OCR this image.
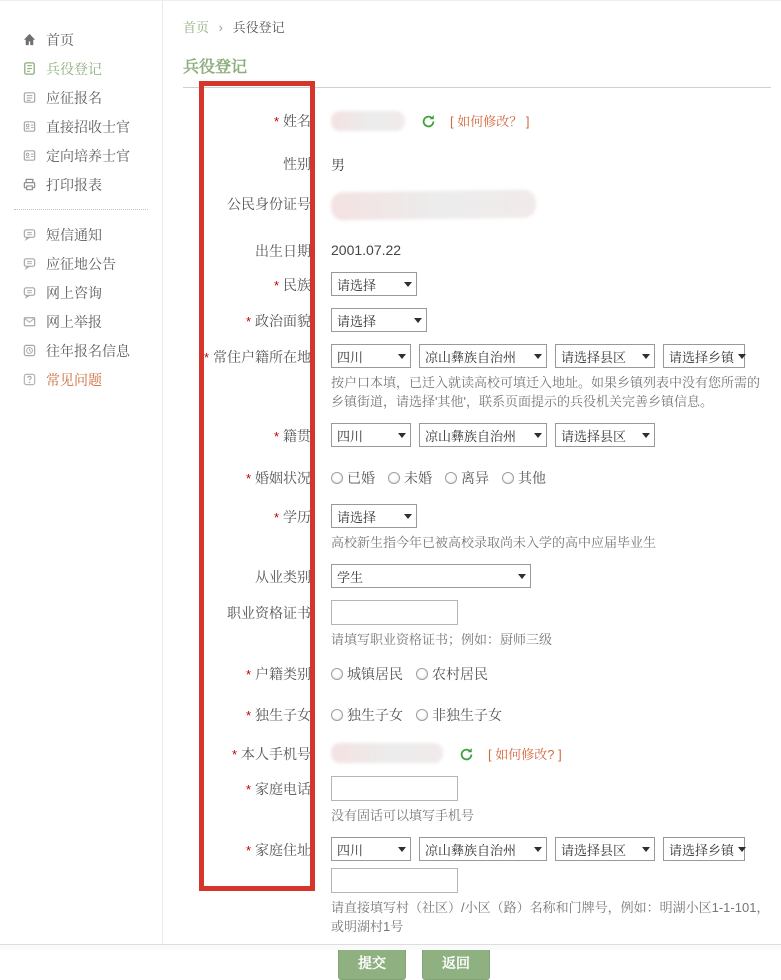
首页
兵役登记
应征报名
直接招收士官
定向培养士官
打印报表
短信通知
应征地公告
网上咨询
网上举报
往年报名信息
常见问题
首页 › 兵役登记
兵役登记
* 姓名：	[ 如何修改？ ]
性别： 男
公民身份证号：
出生日期： 2001.07.22
* 民族： 请选择
* 政治面貌： 请选择
* 常住户籍所在地： 四川	凉山彝族自治州	请选择县区	请选择乡镇
按户口本填，已迁入就读高校可填迁入地址。如果乡镇列表中没有您所需的乡镇街道，请选择'其他'，联系页面提示的兵役机关完善乡镇信息。
* 籍贯： 四川	凉山彝族自治州	请选择县区
* 婚姻状况： 已婚 未婚 离异 其他
* 学历： 请选择
高校新生指今年已被高校录取尚未入学的高中应届毕业生
从业类别： 学生
职业资格证书：
请填写职业资格证书；例如：厨师三级
* 户籍类别： 城镇居民 农村居民
* 独生子女： 独生子女 非独生子女
* 本人手机号：	[ 如何修改? ]
* 家庭电话：
没有固话可以填写手机号
* 家庭住址： 四川	凉山彝族自治州	请选择县区	请选择乡镇
请直接填写村（社区）/小区（路）名称和门牌号，例如：明湖小区1-1-101，或明湖村1号
提交	返回
